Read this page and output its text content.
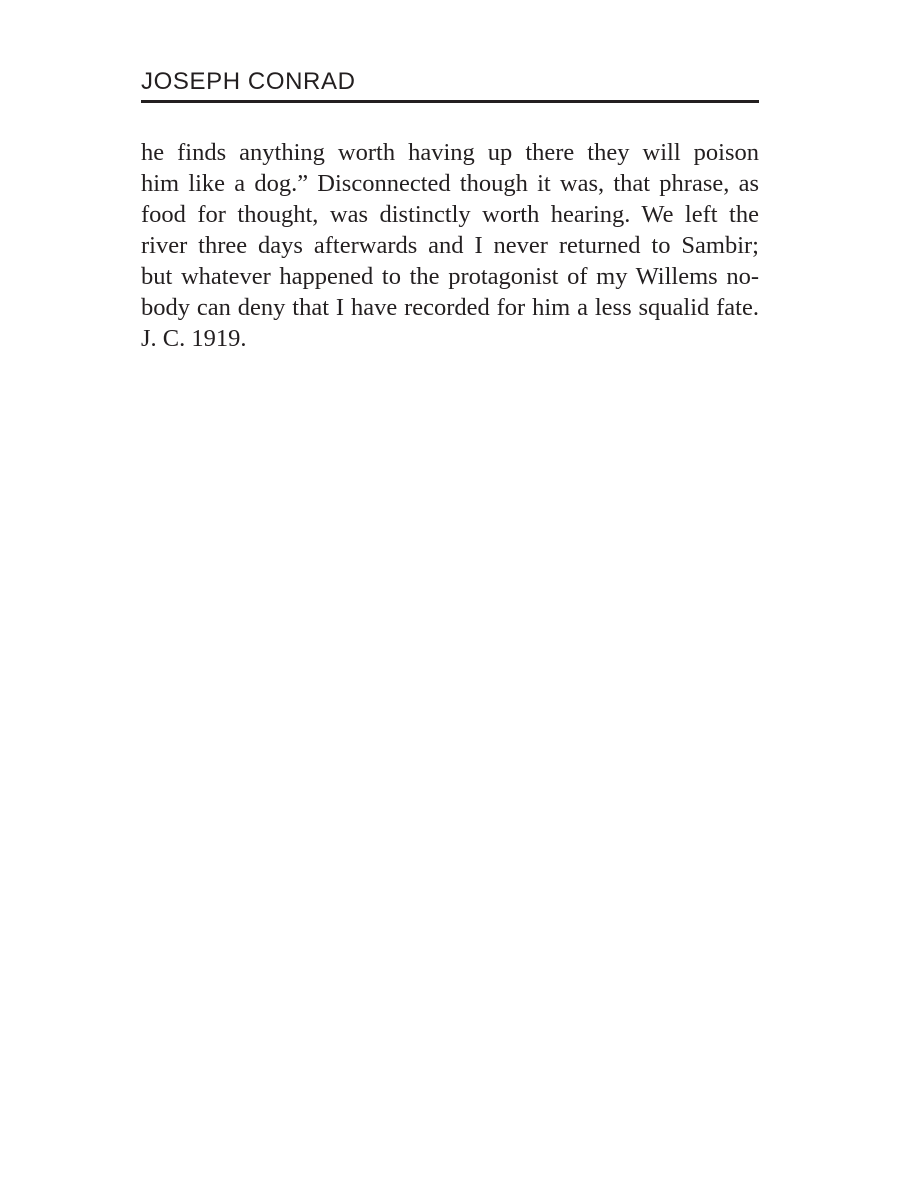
JOSEPH CONRAD
he finds anything worth having up there they will poison
him like a dog.” Disconnected though it was, that phrase, as
food for thought, was distinctly worth hearing. We left the
river three days afterwards and I never returned to Sambir;
but whatever happened to the protagonist of my Willems no-
body can deny that I have recorded for him a less squalid fate.
J. C. 1919.
